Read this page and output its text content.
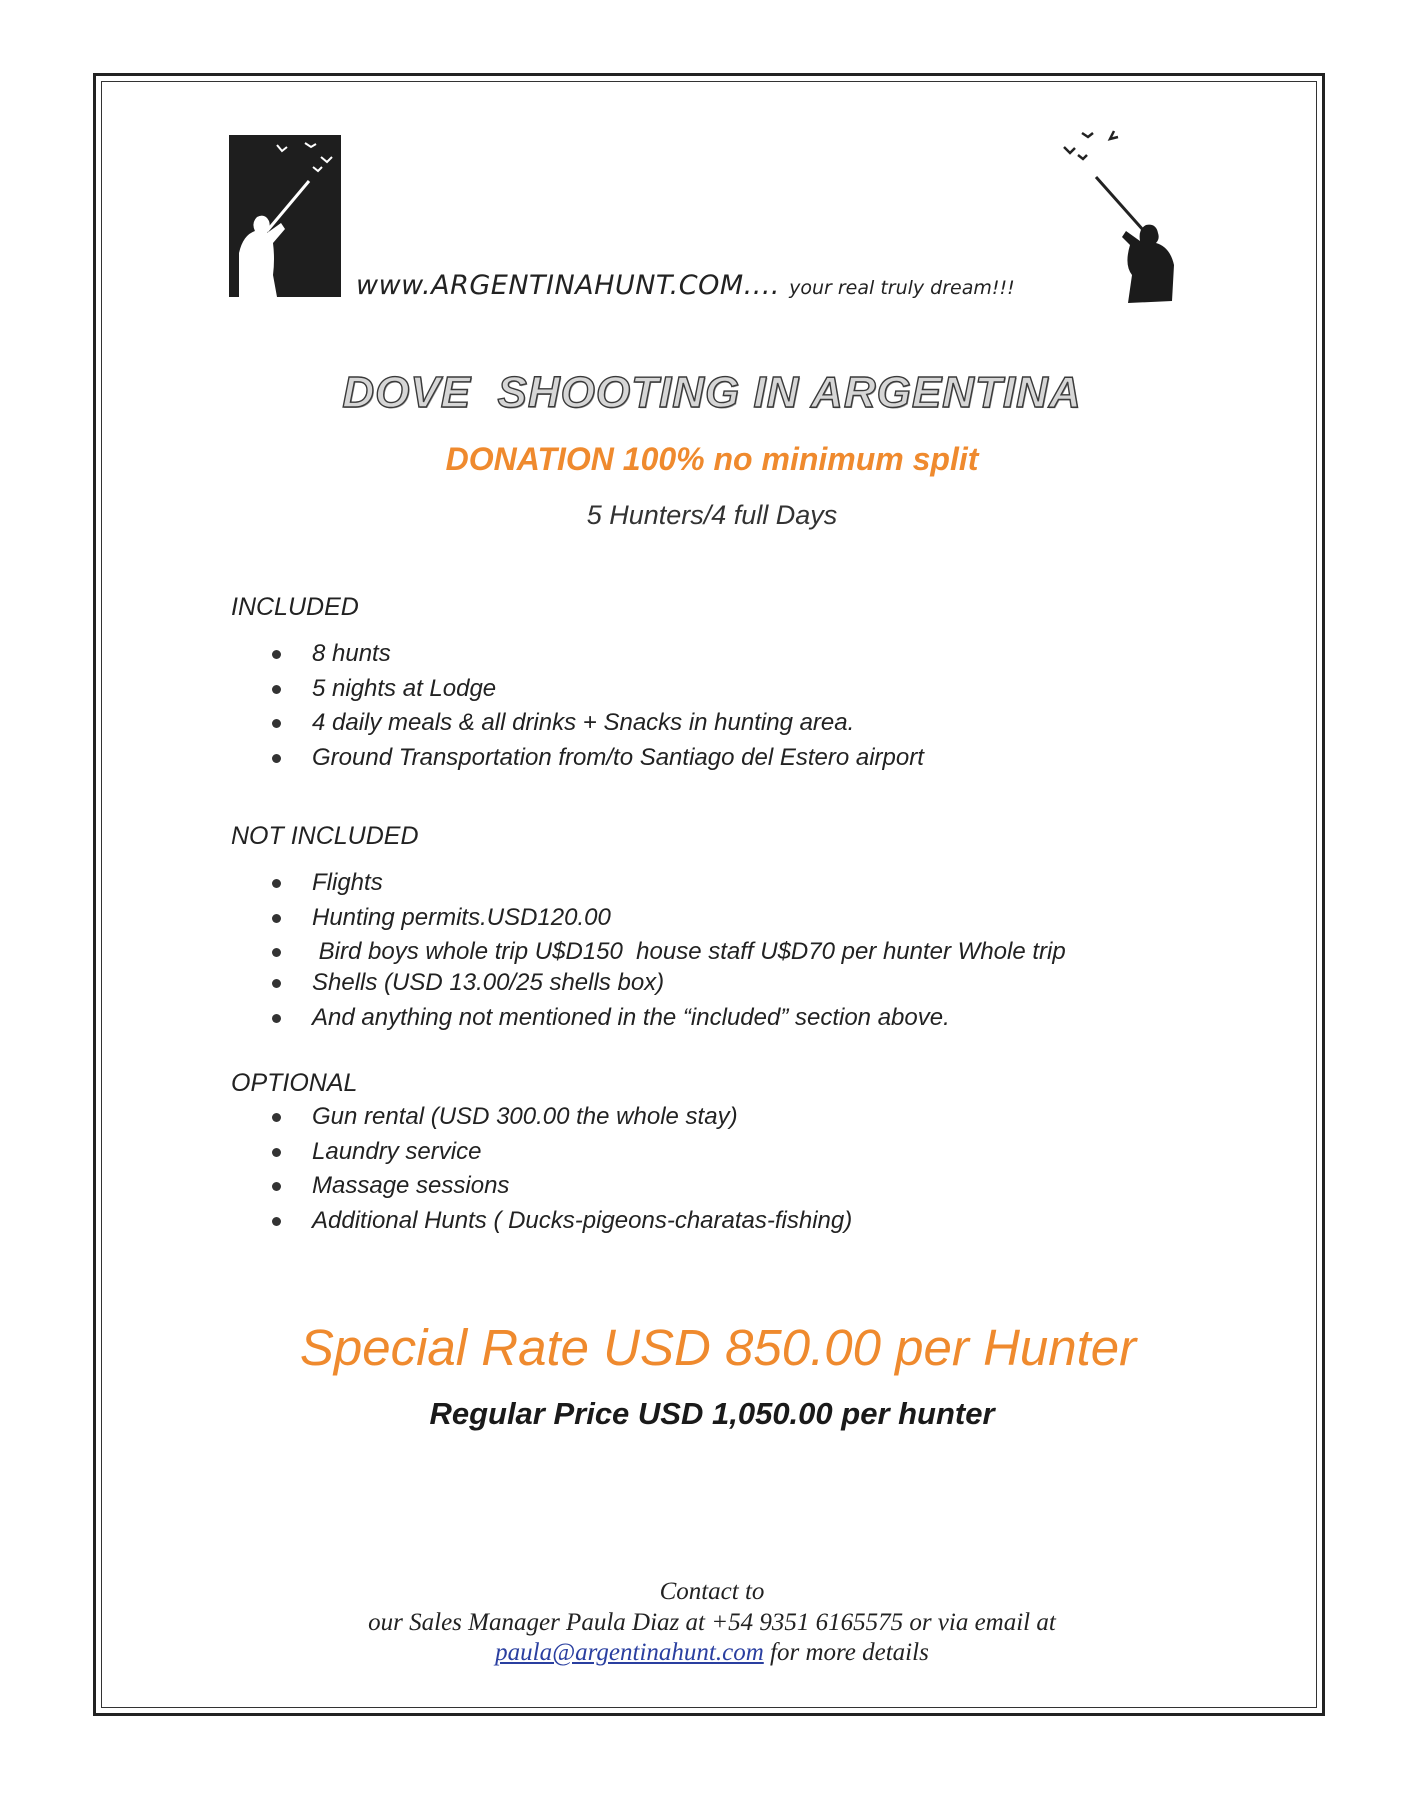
www.ARGENTINAHUNT.COM.... your real truly dream!!!
DOVE  SHOOTING IN ARGENTINA
DONATION 100% no minimum split
5 Hunters/4 full Days
INCLUDED
8 hunts
5 nights at Lodge
4 daily meals & all drinks + Snacks in hunting area.
Ground Transportation from/to Santiago del Estero airport
NOT INCLUDED
Flights
Hunting permits.USD120.00
Bird boys whole trip U$D150  house staff U$D70 per hunter Whole trip
Shells (USD 13.00/25 shells box)
And anything not mentioned in the “included” section above.
OPTIONAL
Gun rental (USD 300.00 the whole stay)
Laundry service
Massage sessions
Additional Hunts ( Ducks-pigeons-charatas-fishing)
Special Rate USD 850.00 per Hunter
Regular Price USD 1,050.00 per hunter
Contact to
our Sales Manager Paula Diaz at +54 9351 6165575 or via email at
paula@argentinahunt.com for more details
